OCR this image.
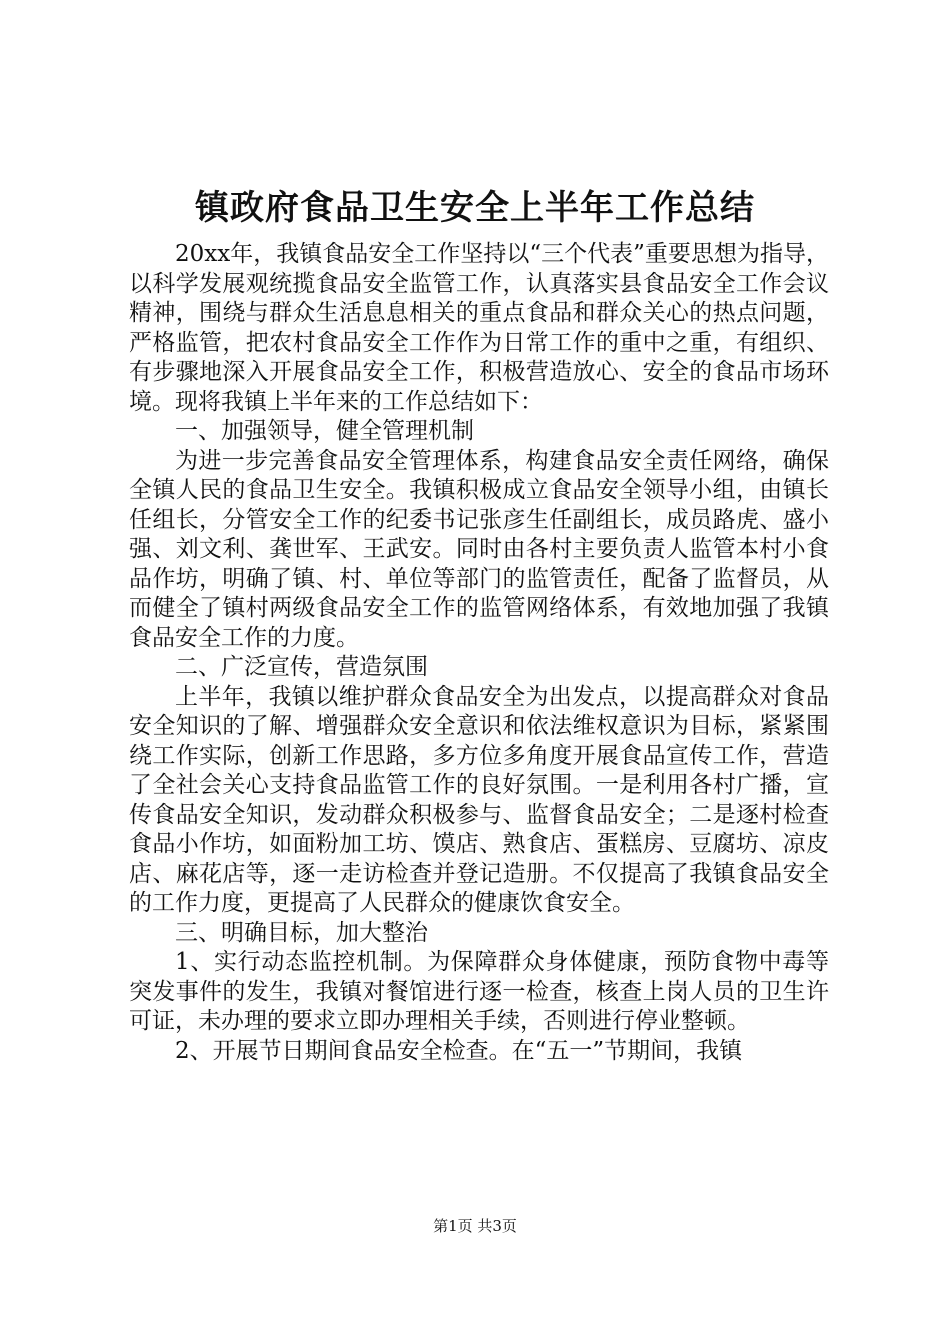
镇政府食品卫生安全上半年工作总结

20xx年，我镇食品安全工作坚持以“三个代表”重要思想为指导，以科学发展观统揽食品安全监管工作，认真落实县食品安全工作会议精神，围绕与群众生活息息相关的重点食品和群众关心的热点问题，严格监管，把农村食品安全工作作为日常工作的重中之重，有组织、有步骤地深入开展食品安全工作，积极营造放心、安全的食品市场环境。现将我镇上半年来的工作总结如下：

一、加强领导，健全管理机制

为进一步完善食品安全管理体系，构建食品安全责任网络，确保全镇人民的食品卫生安全。我镇积极成立食品安全领导小组，由镇长任组长，分管安全工作的纪委书记张彦生任副组长，成员路虎、盛小强、刘文利、龚世军、王武安。同时由各村主要负责人监管本村小食品作坊，明确了镇、村、单位等部门的监管责任，配备了监督员，从而健全了镇村两级食品安全工作的监管网络体系，有效地加强了我镇食品安全工作的力度。

二、广泛宣传，营造氛围

上半年，我镇以维护群众食品安全为出发点，以提高群众对食品安全知识的了解、增强群众安全意识和依法维权意识为目标，紧紧围绕工作实际，创新工作思路，多方位多角度开展食品宣传工作，营造了全社会关心支持食品监管工作的良好氛围。一是利用各村广播，宣传食品安全知识，发动群众积极参与、监督食品安全；二是逐村检查食品小作坊，如面粉加工坊、馍店、熟食店、蛋糕房、豆腐坊、凉皮店、麻花店等，逐一走访检查并登记造册。不仅提高了我镇食品安全的工作力度，更提高了人民群众的健康饮食安全。

三、明确目标，加大整治

1、实行动态监控机制。为保障群众身体健康，预防食物中毒等突发事件的发生，我镇对餐馆进行逐一检查，核查上岗人员的卫生许可证，未办理的要求立即办理相关手续，否则进行停业整顿。

2、开展节日期间食品安全检查。在“五一”节期间，我镇

第1页 共3页
